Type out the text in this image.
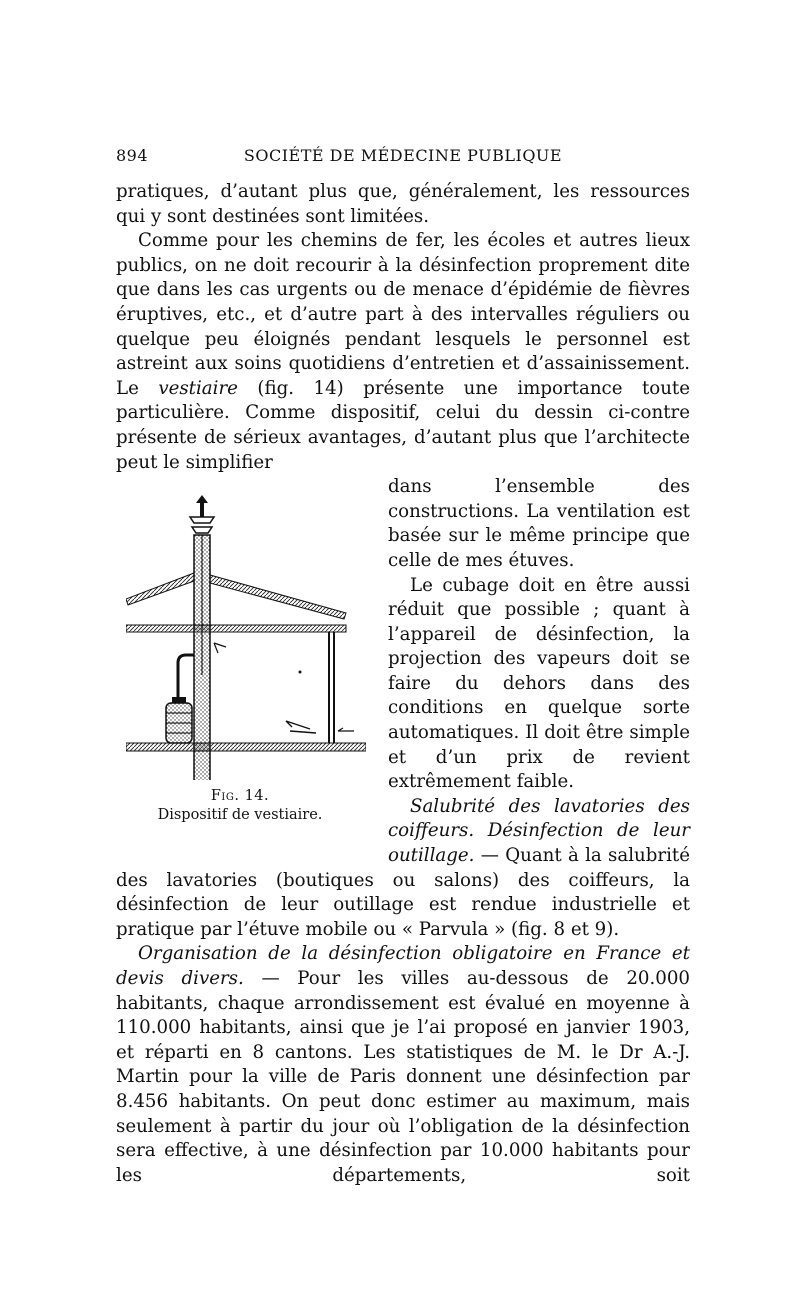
894	SOCIÉTÉ DE MÉDECINE PUBLIQUE

pratiques, d’autant plus que, généralement, les ressources qui y sont destinées sont limitées.

Comme pour les chemins de fer, les écoles et autres lieux publics, on ne doit recourir à la désinfection proprement dite que dans les cas urgents ou de menace d’épidémie de fièvres éruptives, etc., et d’autre part à des intervalles réguliers ou quelque peu éloignés pendant lesquels le personnel est astreint aux soins quotidiens d’entretien et d’assainissement. Le vestiaire (fig. 14) présente une importance toute particulière. Comme dispositif, celui du dessin ci-contre présente de sérieux avantages, d’autant plus que l’architecte peut le simplifier

Fig. 14.
Dispositif de vestiaire.

dans l’ensemble des constructions. La ventilation est basée sur le même principe que celle de mes étuves.

Le cubage doit en être aussi réduit que possible ; quant à l’appareil de désinfection, la projection des vapeurs doit se faire du dehors dans des conditions en quelque sorte automatiques. Il doit être simple et d’un prix de revient extrêmement faible.

Salubrité des lavatories des coiffeurs. Désinfection de leur outillage. — Quant à la salubrité des lavatories (boutiques ou salons) des coiffeurs, la désinfection de leur outillage est rendue industrielle et pratique par l’étuve mobile ou « Parvula » (fig. 8 et 9).

Organisation de la désinfection obligatoire en France et devis divers. — Pour les villes au-dessous de 20.000 habitants, chaque arrondissement est évalué en moyenne à 110.000 habitants, ainsi que je l’ai proposé en janvier 1903, et réparti en 8 cantons. Les statistiques de M. le Dr A.-J. Martin pour la ville de Paris donnent une désinfection par 8.456 habitants. On peut donc estimer au maximum, mais seulement à partir du jour où l’obligation de la désinfection sera effective, à une désinfection par 10.000 habitants pour les départements, soit
